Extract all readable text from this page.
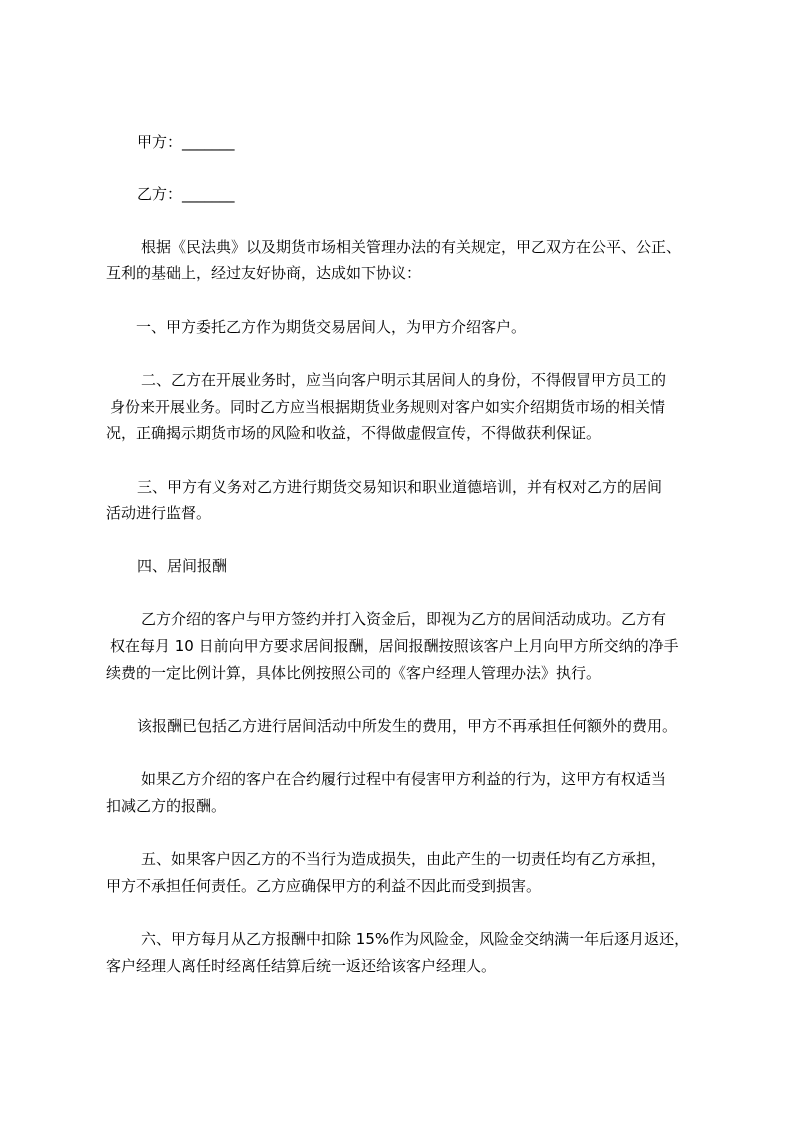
甲方：_______
乙方：_______
根据《民法典》以及期货市场相关管理办法的有关规定，甲乙双方在公平、公正、
互利的基础上，经过友好协商，达成如下协议：
一、甲方委托乙方作为期货交易居间人，为甲方介绍客户。
二、乙方在开展业务时，应当向客户明示其居间人的身份，不得假冒甲方员工的
身份来开展业务。同时乙方应当根据期货业务规则对客户如实介绍期货市场的相关情
况，正确揭示期货市场的风险和收益，不得做虚假宣传，不得做获利保证。
三、甲方有义务对乙方进行期货交易知识和职业道德培训，并有权对乙方的居间
活动进行监督。
四、居间报酬
乙方介绍的客户与甲方签约并打入资金后，即视为乙方的居间活动成功。乙方有
权在每月 10 日前向甲方要求居间报酬，居间报酬按照该客户上月向甲方所交纳的净手
续费的一定比例计算，具体比例按照公司的《客户经理人管理办法》执行。
该报酬已包括乙方进行居间活动中所发生的费用，甲方不再承担任何额外的费用。
如果乙方介绍的客户在合约履行过程中有侵害甲方利益的行为，这甲方有权适当
扣减乙方的报酬。
五、如果客户因乙方的不当行为造成损失，由此产生的一切责任均有乙方承担，
甲方不承担任何责任。乙方应确保甲方的利益不因此而受到损害。
六、甲方每月从乙方报酬中扣除 15%作为风险金，风险金交纳满一年后逐月返还，
客户经理人离任时经离任结算后统一返还给该客户经理人。
